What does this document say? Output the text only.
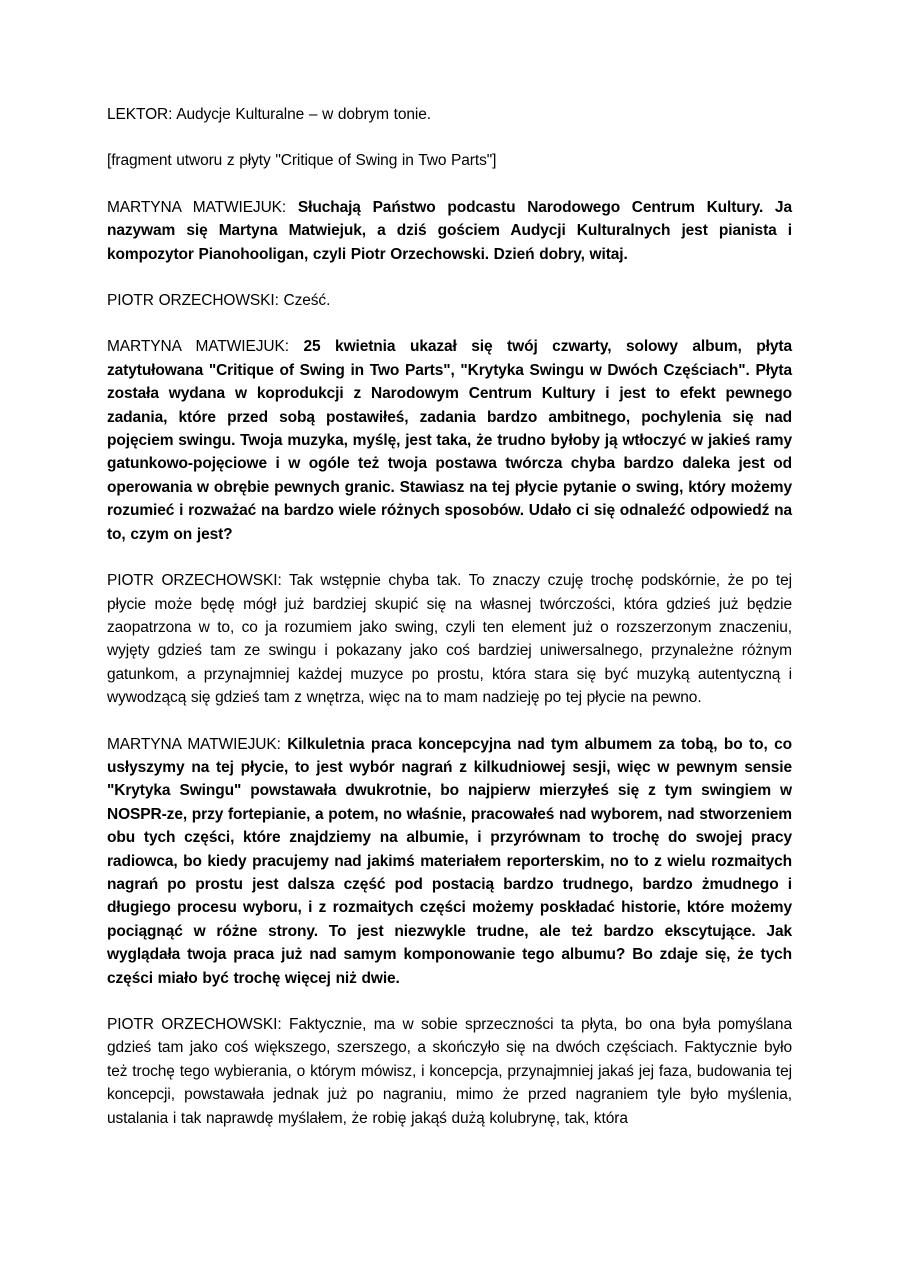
LEKTOR: Audycje Kulturalne – w dobrym tonie.

[fragment utworu z płyty "Critique of Swing in Two Parts"]

MARTYNA MATWIEJUK: Słuchają Państwo podcastu Narodowego Centrum Kultury. Ja nazywam się Martyna Matwiejuk, a dziś gościem Audycji Kulturalnych jest pianista i kompozytor Pianohooligan, czyli Piotr Orzechowski. Dzień dobry, witaj.

PIOTR ORZECHOWSKI: Cześć.

MARTYNA MATWIEJUK: 25 kwietnia ukazał się twój czwarty, solowy album, płyta zatytułowana "Critique of Swing in Two Parts", "Krytyka Swingu w Dwóch Częściach". Płyta została wydana w koprodukcji z Narodowym Centrum Kultury i jest to efekt pewnego zadania, które przed sobą postawiłeś, zadania bardzo ambitnego, pochylenia się nad pojęciem swingu. Twoja muzyka, myślę, jest taka, że trudno byłoby ją wtłoczyć w jakieś ramy gatunkowo-pojęciowe i w ogóle też twoja postawa twórcza chyba bardzo daleka jest od operowania w obrębie pewnych granic. Stawiasz na tej płycie pytanie o swing, który możemy rozumieć i rozważać na bardzo wiele różnych sposobów. Udało ci się odnaleźć odpowiedź na to, czym on jest?

PIOTR ORZECHOWSKI: Tak wstępnie chyba tak. To znaczy czuję trochę podskórnie, że po tej płycie może będę mógł już bardziej skupić się na własnej twórczości, która gdzieś już będzie zaopatrzona w to, co ja rozumiem jako swing, czyli ten element już o rozszerzonym znaczeniu, wyjęty gdzieś tam ze swingu i pokazany jako coś bardziej uniwersalnego, przynależne różnym gatunkom, a przynajmniej każdej muzyce po prostu, która stara się być muzyką autentyczną i wywodzącą się gdzieś tam z wnętrza, więc na to mam nadzieję po tej płycie na pewno.

MARTYNA MATWIEJUK: Kilkuletnia praca koncepcyjna nad tym albumem za tobą, bo to, co usłyszymy na tej płycie, to jest wybór nagrań z kilkudniowej sesji, więc w pewnym sensie "Krytyka Swingu" powstawała dwukrotnie, bo najpierw mierzyłeś się z tym swingiem w NOSPR-ze, przy fortepianie, a potem, no właśnie, pracowałeś nad wyborem, nad stworzeniem obu tych części, które znajdziemy na albumie, i przyrównam to trochę do swojej pracy radiowca, bo kiedy pracujemy nad jakimś materiałem reporterskim, no to z wielu rozmaitych nagrań po prostu jest dalsza część pod postacią bardzo trudnego, bardzo żmudnego i długiego procesu wyboru, i z rozmaitych części możemy poskładać historie, które możemy pociągnąć w różne strony. To jest niezwykle trudne, ale też bardzo ekscytujące. Jak wyglądała twoja praca już nad samym komponowanie tego albumu? Bo zdaje się, że tych części miało być trochę więcej niż dwie.

PIOTR ORZECHOWSKI: Faktycznie, ma w sobie sprzeczności ta płyta, bo ona była pomyślana gdzieś tam jako coś większego, szerszego, a skończyło się na dwóch częściach. Faktycznie było też trochę tego wybierania, o którym mówisz, i koncepcja, przynajmniej jakaś jej faza, budowania tej koncepcji, powstawała jednak już po nagraniu, mimo że przed nagraniem tyle było myślenia, ustalania i tak naprawdę myślałem, że robię jakąś dużą kolubrynę, tak, która
